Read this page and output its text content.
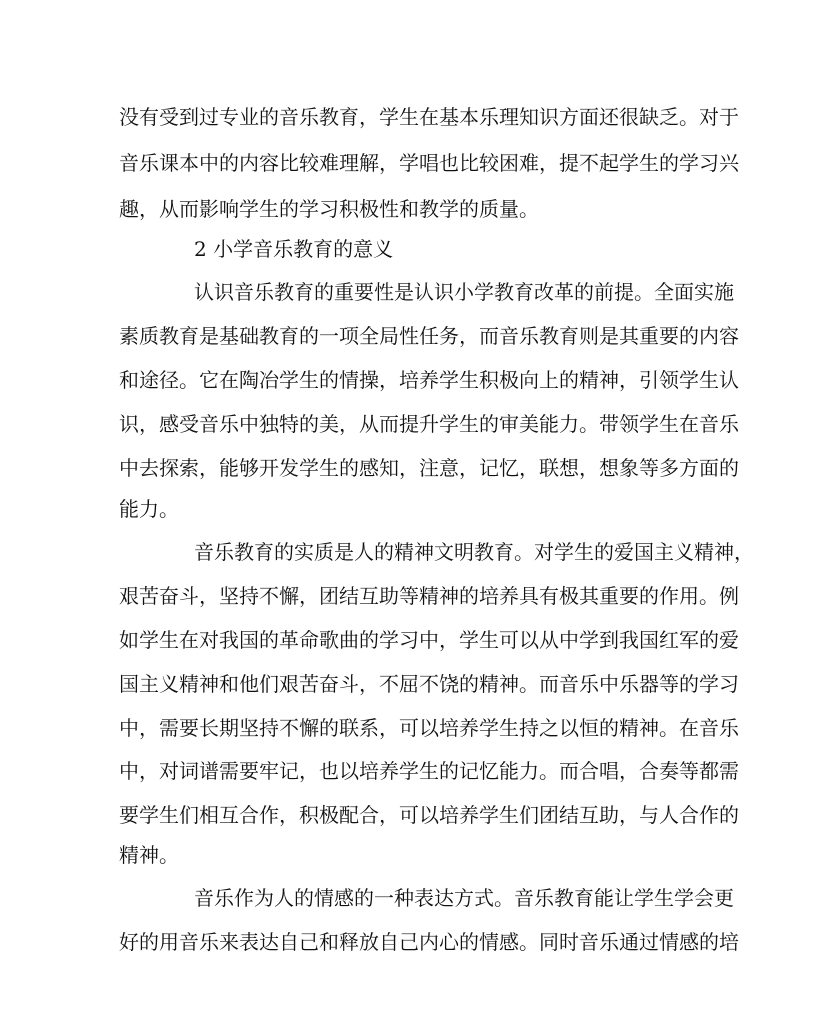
没有受到过专业的音乐教育，学生在基本乐理知识方面还很缺乏。对于
音乐课本中的内容比较难理解，学唱也比较困难，提不起学生的学习兴
趣，从而影响学生的学习积极性和教学的质量。
2 小学音乐教育的意义
认识音乐教育的重要性是认识小学教育改革的前提。全面实施
素质教育是基础教育的一项全局性任务，而音乐教育则是其重要的内容
和途径。它在陶冶学生的情操，培养学生积极向上的精神，引领学生认
识，感受音乐中独特的美，从而提升学生的审美能力。带领学生在音乐
中去探索，能够开发学生的感知，注意，记忆，联想，想象等多方面的
能力。
音乐教育的实质是人的精神文明教育。对学生的爱国主义精神，
艰苦奋斗，坚持不懈，团结互助等精神的培养具有极其重要的作用。例
如学生在对我国的革命歌曲的学习中，学生可以从中学到我国红军的爱
国主义精神和他们艰苦奋斗，不屈不饶的精神。而音乐中乐器等的学习
中，需要长期坚持不懈的联系，可以培养学生持之以恒的精神。在音乐
中，对词谱需要牢记，也以培养学生的记忆能力。而合唱，合奏等都需
要学生们相互合作，积极配合，可以培养学生们团结互助，与人合作的
精神。
音乐作为人的情感的一种表达方式。音乐教育能让学生学会更
好的用音乐来表达自己和释放自己内心的情感。同时音乐通过情感的培
